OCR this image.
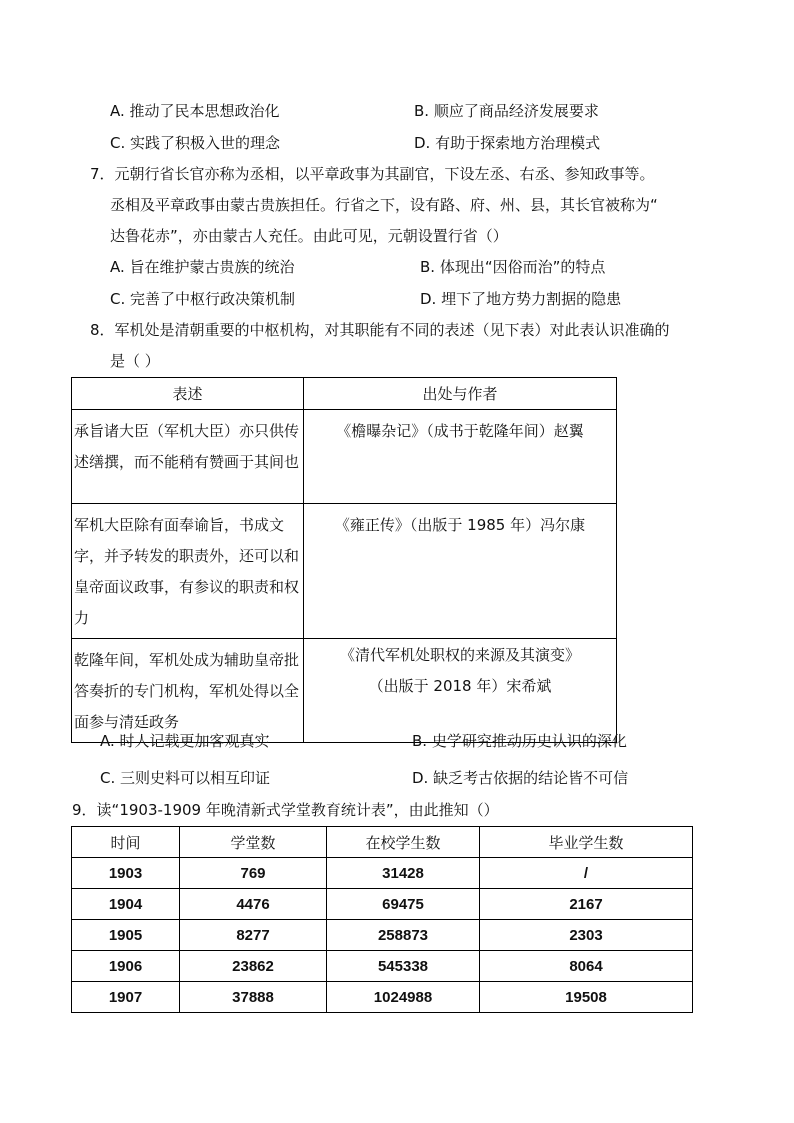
A. 推动了民本思想政治化	B. 顺应了商品经济发展要求
C. 实践了积极入世的理念	D. 有助于探索地方治理模式
7．元朝行省长官亦称为丞相，以平章政事为其副官，下设左丞、右丞、参知政事等。
丞相及平章政事由蒙古贵族担任。行省之下，设有路、府、州、县，其长官被称为“
达鲁花赤”，亦由蒙古人充任。由此可见，元朝设置行省（）
A. 旨在维护蒙古贵族的统治	B. 体现出“因俗而治”的特点
C. 完善了中枢行政决策机制	D. 埋下了地方势力割据的隐患
8．军机处是清朝重要的中枢机构，对其职能有不同的表述（见下表）对此表认识准确的
是（ ）
表述	出处与作者
承旨诸大臣（军机大臣）亦只供传述缮撰，而不能稍有赞画于其间也	《檐曝杂记》（成书于乾隆年间）赵翼
军机大臣除有面奉谕旨，书成文字，并予转发的职责外，还可以和皇帝面议政事，有参议的职责和权力	《雍正传》（出版于 1985 年）冯尔康
乾隆年间，军机处成为辅助皇帝批答奏折的专门机构，军机处得以全面参与清廷政务	《清代军机处职权的来源及其演变》
（出版于 2018 年）宋希斌
A. 时人记载更加客观真实	B. 史学研究推动历史认识的深化
C. 三则史料可以相互印证	D. 缺乏考古依据的结论皆不可信
9．读“1903-1909 年晚清新式学堂教育统计表”，由此推知（）
时间	学堂数	在校学生数	毕业学生数
1903	769	31428	/
1904	4476	69475	2167
1905	8277	258873	2303
1906	23862	545338	8064
1907	37888	1024988	19508
